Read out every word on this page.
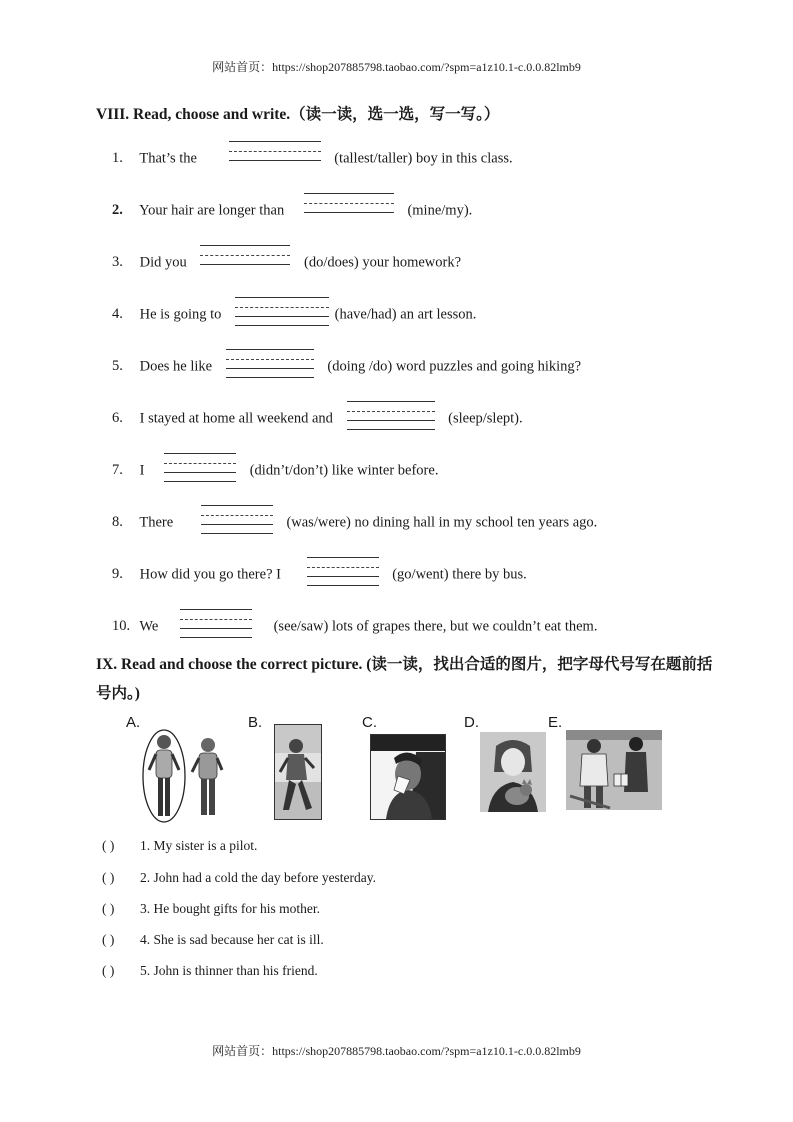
网站首页：https://shop207885798.taobao.com/?spm=a1z10.1-c.0.0.82lmb9
VIII. Read, choose and write.（读一读，选一选，写一写。）
1. That’s the	(tallest/taller) boy in this class.
2. Your hair are longer than	(mine/my).
3. Did you	(do/does) your homework?
4. He is going to	(have/had) an art lesson.
5. Does he like	(doing /do) word puzzles and going hiking?
6. I stayed at home all weekend and	(sleep/slept).
7. I	(didn’t/don’t) like winter before.
8. There	(was/were) no dining hall in my school ten years ago.
9. How did you go there? I	(go/went) there by bus.
10. We	(see/saw) lots of grapes there, but we couldn’t eat them.
IX. Read and choose the correct picture. (读一读，找出合适的图片，把字母代号写在题前括
号内。)
A.	B.	C.	D.	E.
( ) 1. My sister is a pilot.
( ) 2. John had a cold the day before yesterday.
( ) 3. He bought gifts for his mother.
( ) 4. She is sad because her cat is ill.
( ) 5. John is thinner than his friend.
网站首页：https://shop207885798.taobao.com/?spm=a1z10.1-c.0.0.82lmb9
